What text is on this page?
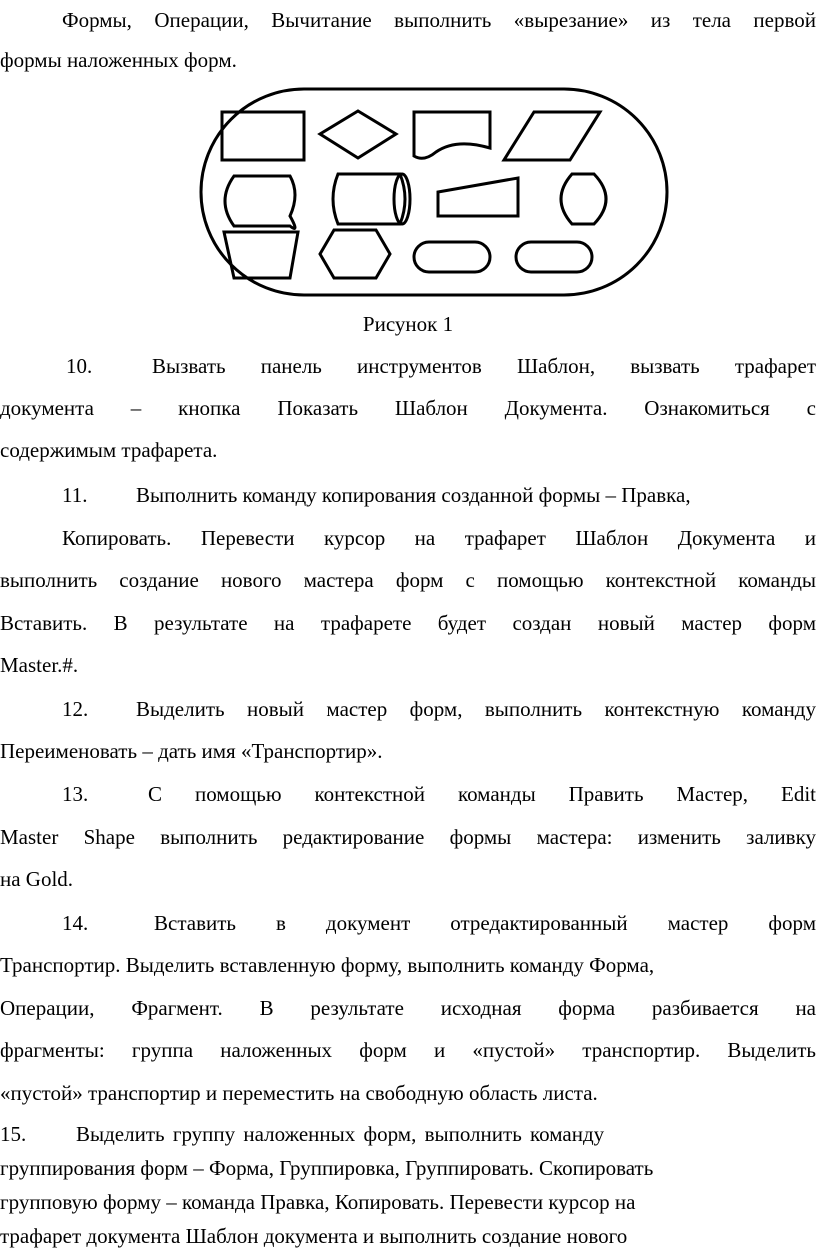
Формы, Операции, Вычитание выполнить «вырезание» из тела первой
формы наложенных форм.
Рисунок 1
10.	Вызвать панель инструментов Шаблон, вызвать трафарет
документа – кнопка Показать Шаблон Документа. Ознакомиться с
содержимым трафарета.
11. Выполнить команду копирования созданной формы – Правка,
Копировать. Перевести курсор на трафарет Шаблон Документа и
выполнить создание нового мастера форм с помощью контекстной команды
Вставить. В результате на трафарете будет создан новый мастер форм
Master.#.
12. Выделить новый мастер форм, выполнить контекстную команду
Переименовать – дать имя «Транспортир».
13.	С помощью контекстной команды Править Мастер, Edit
Master Shape выполнить редактирование формы мастера: изменить заливку
на Gold.
14.	Вставить в документ отредактированный мастер форм
Транспортир. Выделить вставленную форму, выполнить команду Форма,
Операции, Фрагмент. В результате исходная форма разбивается на
фрагменты: группа наложенных форм и «пустой» транспортир. Выделить
«пустой» транспортир и переместить на свободную область листа.
15. Выделить группу наложенных форм, выполнить команду
группирования форм – Форма, Группировка, Группировать. Скопировать
групповую форму – команда Правка, Копировать. Перевести курсор на
трафарет документа Шаблон документа и выполнить создание нового
